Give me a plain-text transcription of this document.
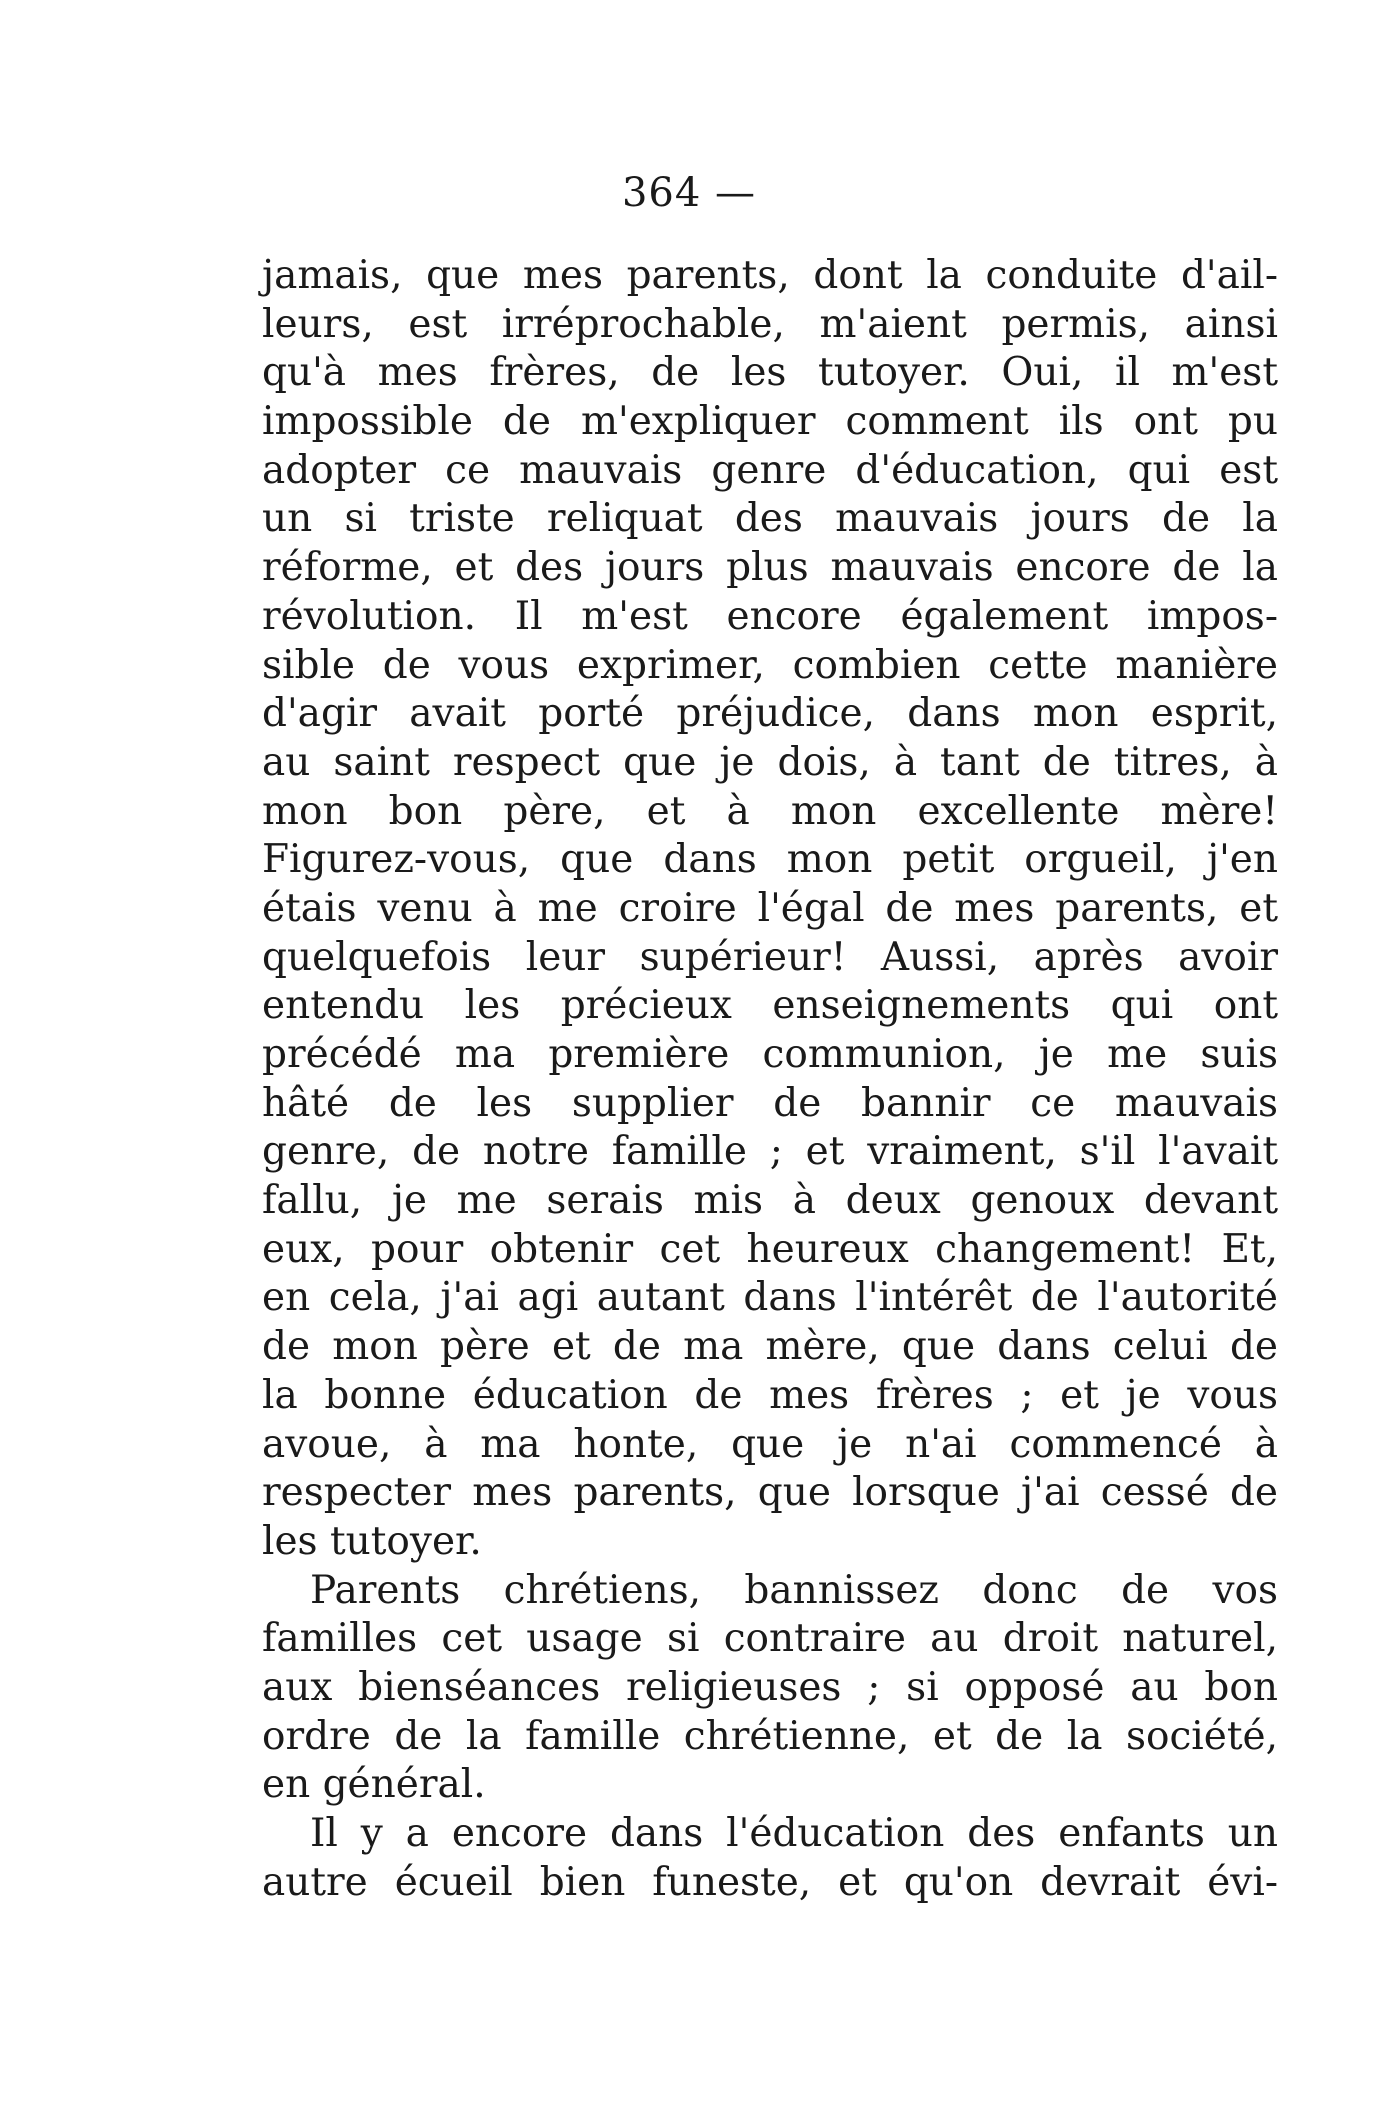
364 —
jamais, que mes parents, dont la conduite d'ail-
leurs, est irréprochable, m'aient permis, ainsi
qu'à mes frères, de les tutoyer. Oui, il m'est
impossible de m'expliquer comment ils ont pu
adopter ce mauvais genre d'éducation, qui est
un si triste reliquat des mauvais jours de la
réforme, et des jours plus mauvais encore de la
révolution. Il m'est encore également impos-
sible de vous exprimer, combien cette manière
d'agir avait porté préjudice, dans mon esprit,
au saint respect que je dois, à tant de titres, à
mon bon père, et à mon excellente mère!
Figurez-vous, que dans mon petit orgueil, j'en
étais venu à me croire l'égal de mes parents, et
quelquefois leur supérieur! Aussi, après avoir
entendu les précieux enseignements qui ont
précédé ma première communion, je me suis
hâté de les supplier de bannir ce mauvais
genre, de notre famille ; et vraiment, s'il l'avait
fallu, je me serais mis à deux genoux devant
eux, pour obtenir cet heureux changement! Et,
en cela, j'ai agi autant dans l'intérêt de l'autorité
de mon père et de ma mère, que dans celui de
la bonne éducation de mes frères ; et je vous
avoue, à ma honte, que je n'ai commencé à
respecter mes parents, que lorsque j'ai cessé de
les tutoyer.
Parents chrétiens, bannissez donc de vos
familles cet usage si contraire au droit naturel,
aux bienséances religieuses ; si opposé au bon
ordre de la famille chrétienne, et de la société,
en général.
Il y a encore dans l'éducation des enfants un
autre écueil bien funeste, et qu'on devrait évi-
